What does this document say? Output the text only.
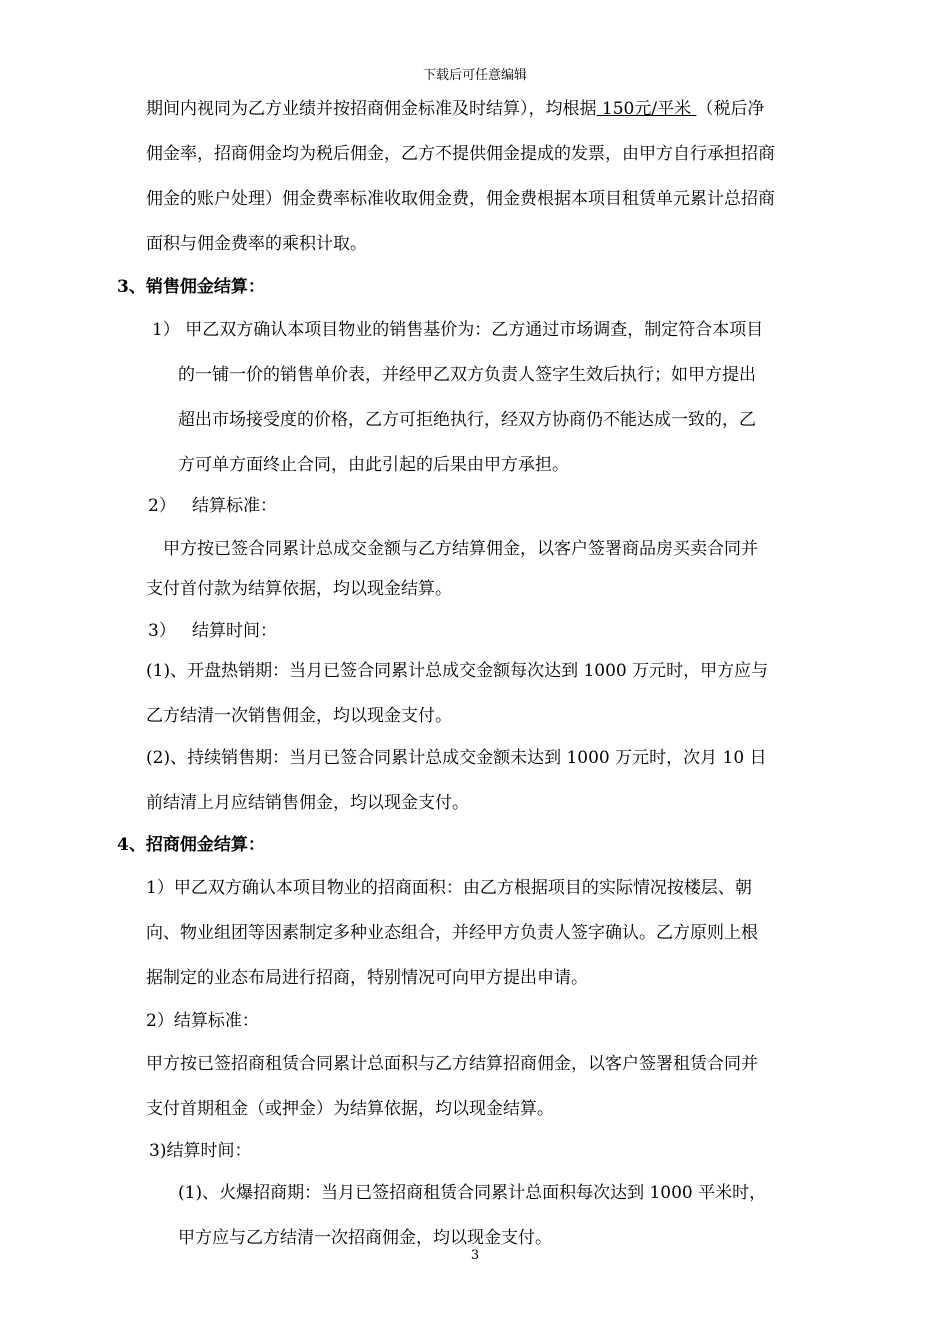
下载后可任意编辑
期间内视同为乙方业绩并按招商佣金标准及时结算），均根据 150元/平米 （税后净
佣金率，招商佣金均为税后佣金，乙方不提供佣金提成的发票，由甲方自行承担招商
佣金的账户处理）佣金费率标准收取佣金费，佣金费根据本项目租赁单元累计总招商
面积与佣金费率的乘积计取。
3、销售佣金结算：
1） 甲乙双方确认本项目物业的销售基价为：乙方通过市场调查，制定符合本项目
的一铺一价的销售单价表，并经甲乙双方负责人签字生效后执行；如甲方提出
超出市场接受度的价格，乙方可拒绝执行，经双方协商仍不能达成一致的，乙
方可单方面终止合同，由此引起的后果由甲方承担。
2）   结算标准：
甲方按已签合同累计总成交金额与乙方结算佣金，以客户签署商品房买卖合同并
支付首付款为结算依据，均以现金结算。
3）   结算时间：
(1)、开盘热销期：当月已签合同累计总成交金额每次达到 1000 万元时，甲方应与
乙方结清一次销售佣金，均以现金支付。
(2)、持续销售期：当月已签合同累计总成交金额未达到 1000 万元时，次月 10 日
前结清上月应结销售佣金，均以现金支付。
4、招商佣金结算：
1）甲乙双方确认本项目物业的招商面积：由乙方根据项目的实际情况按楼层、朝
向、物业组团等因素制定多种业态组合，并经甲方负责人签字确认。乙方原则上根
据制定的业态布局进行招商，特别情况可向甲方提出申请。
2）结算标准：
甲方按已签招商租赁合同累计总面积与乙方结算招商佣金，以客户签署租赁合同并
支付首期租金（或押金）为结算依据，均以现金结算。
3)结算时间：
(1)、火爆招商期：当月已签招商租赁合同累计总面积每次达到 1000 平米时，
甲方应与乙方结清一次招商佣金，均以现金支付。
3
